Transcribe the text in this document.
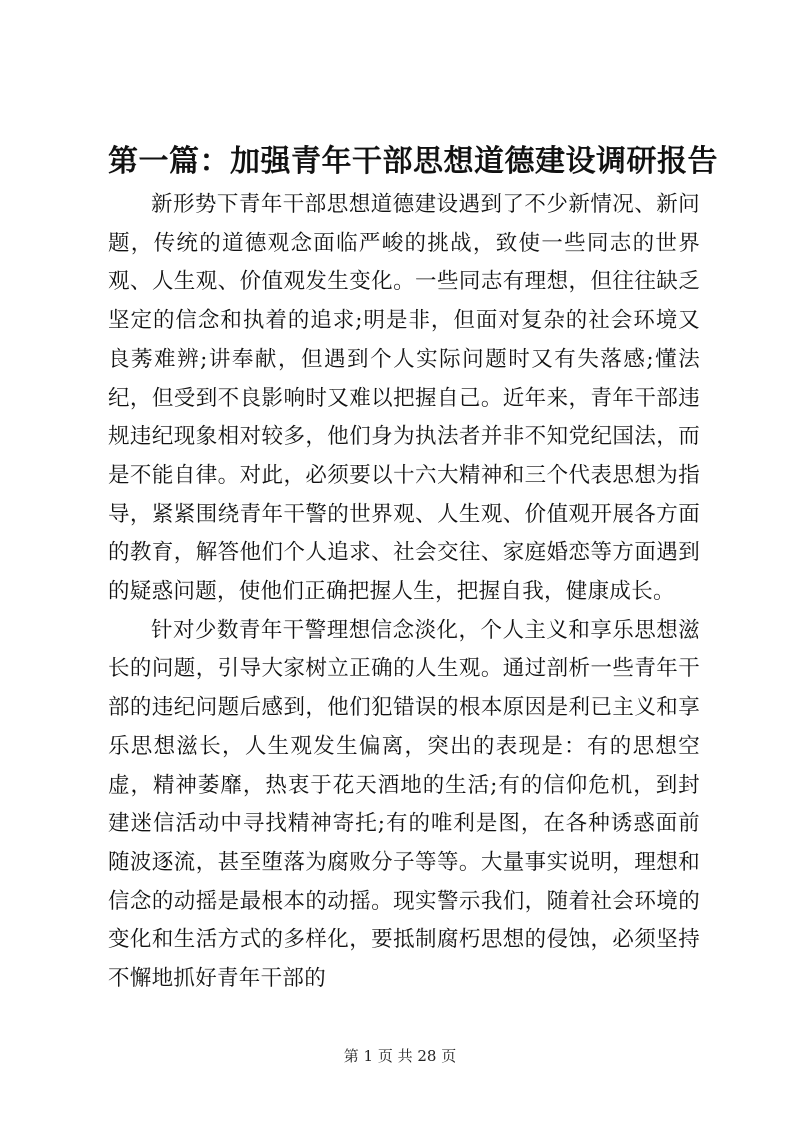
第一篇：加强青年干部思想道德建设调研报告

新形势下青年干部思想道德建设遇到了不少新情况、新问题，传统的道德观念面临严峻的挑战，致使一些同志的世界观、人生观、价值观发生变化。一些同志有理想，但往往缺乏坚定的信念和执着的追求;明是非，但面对复杂的社会环境又良莠难辨;讲奉献，但遇到个人实际问题时又有失落感;懂法纪，但受到不良影响时又难以把握自己。近年来，青年干部违规违纪现象相对较多，他们身为执法者并非不知党纪国法，而是不能自律。对此，必须要以十六大精神和三个代表思想为指导，紧紧围绕青年干警的世界观、人生观、价值观开展各方面的教育，解答他们个人追求、社会交往、家庭婚恋等方面遇到的疑惑问题，使他们正确把握人生，把握自我，健康成长。

针对少数青年干警理想信念淡化，个人主义和享乐思想滋长的问题，引导大家树立正确的人生观。通过剖析一些青年干部的违纪问题后感到，他们犯错误的根本原因是利已主义和享乐思想滋长，人生观发生偏离，突出的表现是：有的思想空虚，精神萎靡，热衷于花天酒地的生活;有的信仰危机，到封建迷信活动中寻找精神寄托;有的唯利是图，在各种诱惑面前随波逐流，甚至堕落为腐败分子等等。大量事实说明，理想和信念的动摇是最根本的动摇。现实警示我们，随着社会环境的变化和生活方式的多样化，要抵制腐朽思想的侵蚀，必须坚持不懈地抓好青年干部的

第 1 页 共 28 页
